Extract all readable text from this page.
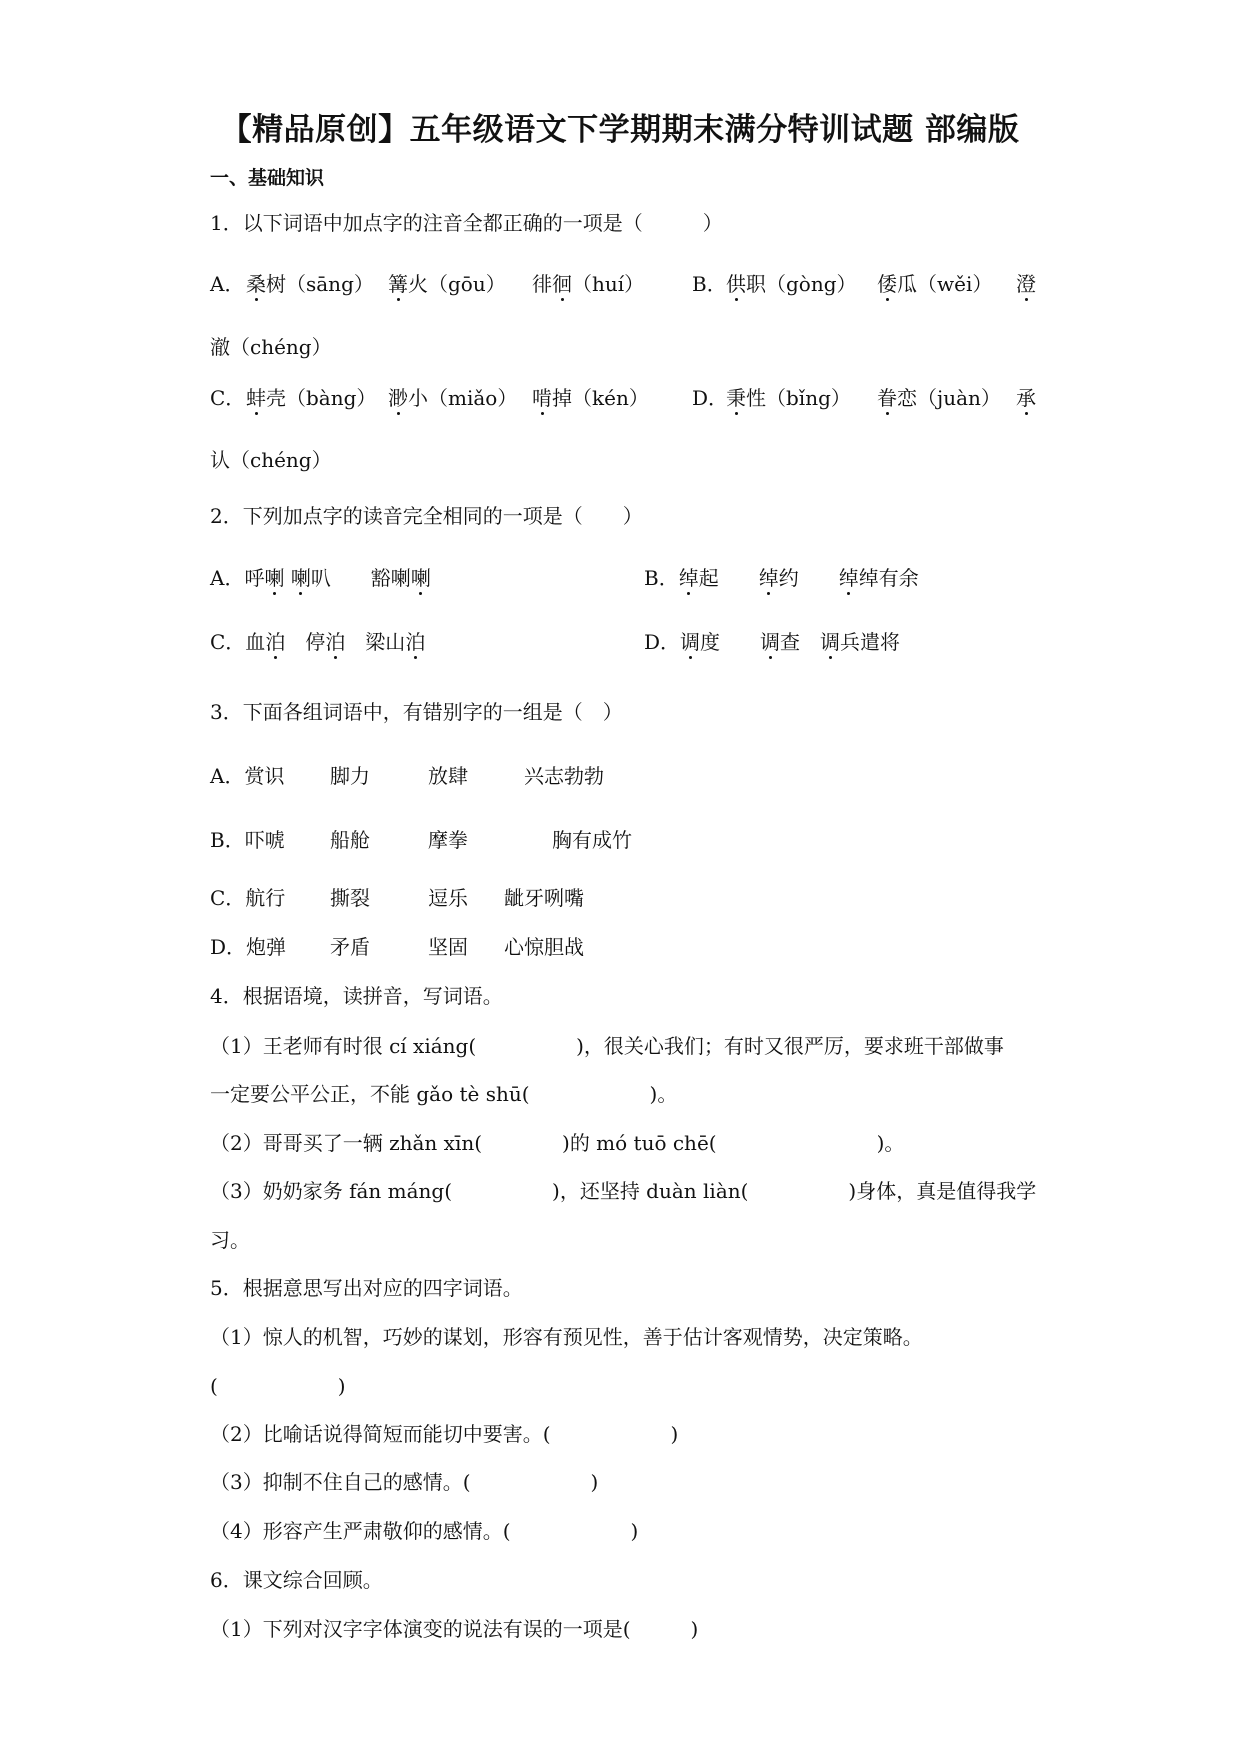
【精品原创】五年级语文下学期期末满分特训试题 部编版
一、基础知识
1．以下词语中加点字的注音全都正确的一项是（　　　）
A． 桑树（sāng） 篝火（gōu） 徘徊（huí） B． 供职（gòng） 倭瓜（wěi） 澄
澈（chéng）
C． 蚌壳（bàng） 渺小（miǎo） 啃掉（kén） D．
秉性（bǐng） 眷恋（juàn） 承
认（chéng）
2．下列加点字的读音完全相同的一项是（　　）
A．呼喇 喇叭　　豁喇喇	B．绰起　　绰约　　绰绰有余
C．血泊　停泊　梁山泊	D．调度　　调查　调兵遣将
3．下面各组词语中，有错别字的一组是（　）
A．赏识 脚力	放肆	兴志勃勃
B．吓唬 船舱	摩拳	胸有成竹
C．航行 撕裂	逗乐 龇牙咧嘴
D．炮弹 矛盾	坚固 心惊胆战
4．根据语境，读拼音，写词语。
（1）王老师有时很 cí xiáng(　　　　　)，很关心我们；有时又很严厉，要求班干部做事
一定要公平公正，不能 gǎo tè shū(　　　　　　)。
（2）哥哥买了一辆 zhǎn xīn(　　　　)的 mó tuō chē(　　　　　　　　)。
（3）奶奶家务 fán máng(　　　　　)，还坚持 duàn liàn(　　　　　)身体，真是值得我学
习。
5．根据意思写出对应的四字词语。
（1）惊人的机智，巧妙的谋划，形容有预见性，善于估计客观情势，决定策略。
(　　　　　　)
（2）比喻话说得简短而能切中要害。(　　　　　　)
（3）抑制不住自己的感情。(　　　　　　)
（4）形容产生严肃敬仰的感情。(　　　　　　)
6．课文综合回顾。
（1）下列对汉字字体演变的说法有误的一项是(　　　)
